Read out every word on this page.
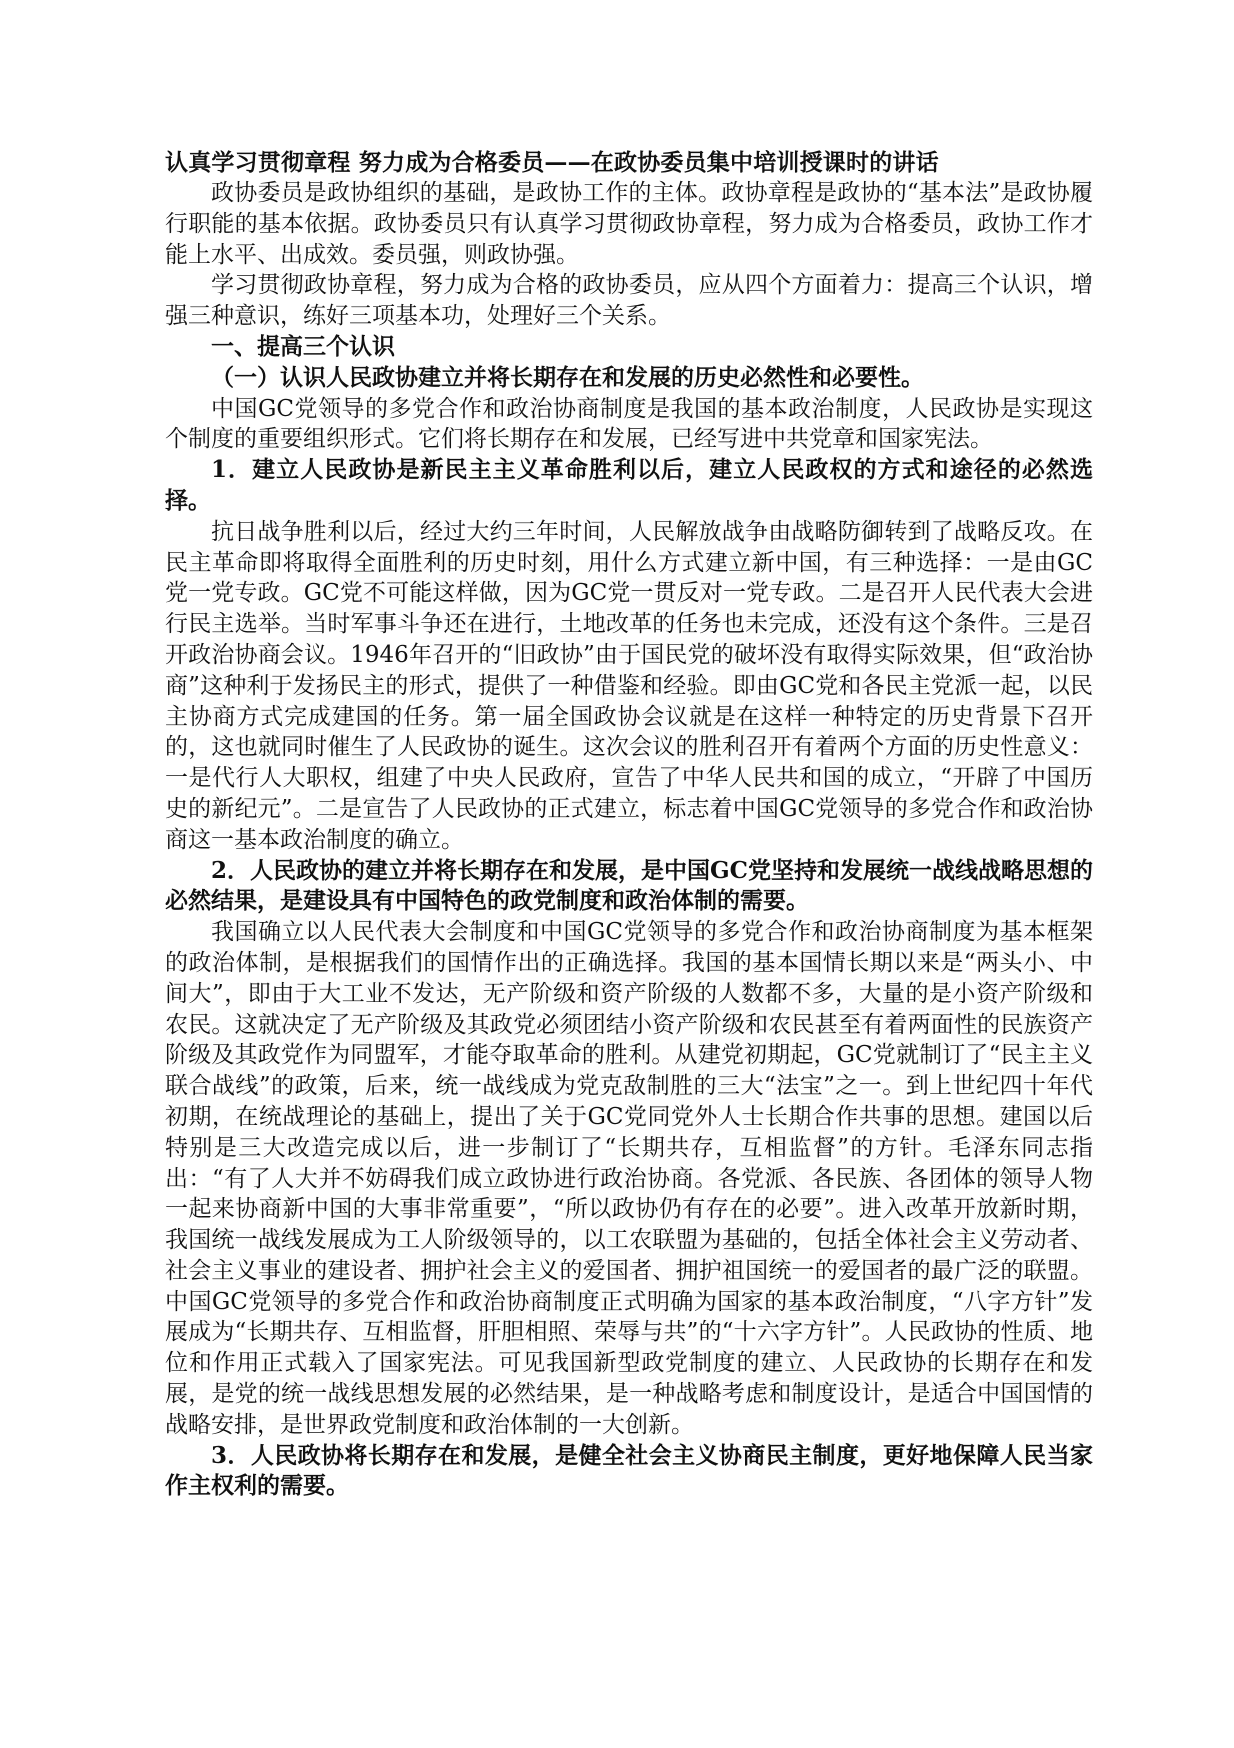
认真学习贯彻章程 努力成为合格委员——在政协委员集中培训授课时的讲话

政协委员是政协组织的基础，是政协工作的主体。政协章程是政协的“基本法”是政协履行职能的基本依据。政协委员只有认真学习贯彻政协章程，努力成为合格委员，政协工作才能上水平、出成效。委员强，则政协强。

学习贯彻政协章程，努力成为合格的政协委员，应从四个方面着力：提高三个认识，增强三种意识，练好三项基本功，处理好三个关系。

一、提高三个认识

（一）认识人民政协建立并将长期存在和发展的历史必然性和必要性。

中国GC党领导的多党合作和政治协商制度是我国的基本政治制度，人民政协是实现这个制度的重要组织形式。它们将长期存在和发展，已经写进中共党章和国家宪法。

1．建立人民政协是新民主主义革命胜利以后，建立人民政权的方式和途径的必然选择。

抗日战争胜利以后，经过大约三年时间，人民解放战争由战略防御转到了战略反攻。在民主革命即将取得全面胜利的历史时刻，用什么方式建立新中国，有三种选择：一是由GC党一党专政。GC党不可能这样做，因为GC党一贯反对一党专政。二是召开人民代表大会进行民主选举。当时军事斗争还在进行，土地改革的任务也未完成，还没有这个条件。三是召开政治协商会议。1946年召开的“旧政协”由于国民党的破坏没有取得实际效果，但“政治协商”这种利于发扬民主的形式，提供了一种借鉴和经验。即由GC党和各民主党派一起，以民主协商方式完成建国的任务。第一届全国政协会议就是在这样一种特定的历史背景下召开的，这也就同时催生了人民政协的诞生。这次会议的胜利召开有着两个方面的历史性意义：一是代行人大职权，组建了中央人民政府，宣告了中华人民共和国的成立，“开辟了中国历史的新纪元”。二是宣告了人民政协的正式建立，标志着中国GC党领导的多党合作和政治协商这一基本政治制度的确立。

2．人民政协的建立并将长期存在和发展，是中国GC党坚持和发展统一战线战略思想的必然结果，是建设具有中国特色的政党制度和政治体制的需要。

我国确立以人民代表大会制度和中国GC党领导的多党合作和政治协商制度为基本框架的政治体制，是根据我们的国情作出的正确选择。我国的基本国情长期以来是“两头小、中间大”，即由于大工业不发达，无产阶级和资产阶级的人数都不多，大量的是小资产阶级和农民。这就决定了无产阶级及其政党必须团结小资产阶级和农民甚至有着两面性的民族资产阶级及其政党作为同盟军，才能夺取革命的胜利。从建党初期起，GC党就制订了“民主主义联合战线”的政策，后来，统一战线成为党克敌制胜的三大“法宝”之一。到上世纪四十年代初期，在统战理论的基础上，提出了关于GC党同党外人士长期合作共事的思想。建国以后特别是三大改造完成以后，进一步制订了“长期共存，互相监督”的方针。毛泽东同志指出：“有了人大并不妨碍我们成立政协进行政治协商。各党派、各民族、各团体的领导人物一起来协商新中国的大事非常重要”，“所以政协仍有存在的必要”。进入改革开放新时期，我国统一战线发展成为工人阶级领导的，以工农联盟为基础的，包括全体社会主义劳动者、社会主义事业的建设者、拥护社会主义的爱国者、拥护祖国统一的爱国者的最广泛的联盟。中国GC党领导的多党合作和政治协商制度正式明确为国家的基本政治制度，“八字方针”发展成为“长期共存、互相监督，肝胆相照、荣辱与共”的“十六字方针”。人民政协的性质、地位和作用正式载入了国家宪法。可见我国新型政党制度的建立、人民政协的长期存在和发展，是党的统一战线思想发展的必然结果，是一种战略考虑和制度设计，是适合中国国情的战略安排，是世界政党制度和政治体制的一大创新。

3．人民政协将长期存在和发展，是健全社会主义协商民主制度，更好地保障人民当家作主权利的需要。
